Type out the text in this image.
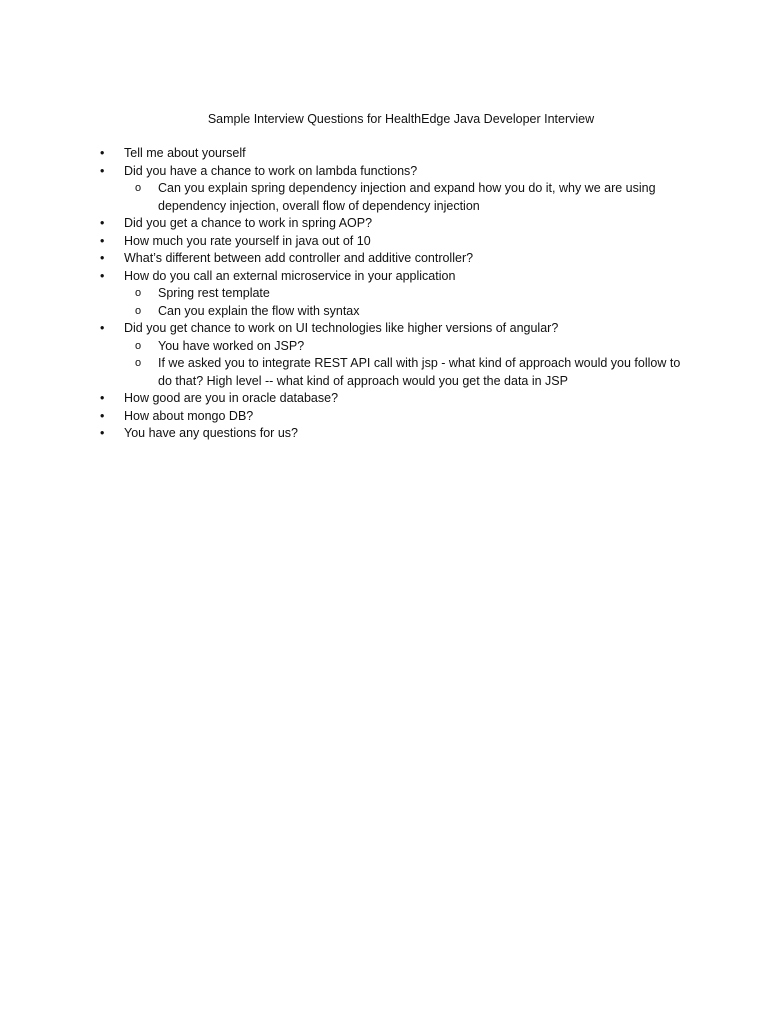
Sample Interview Questions for HealthEdge Java Developer Interview
•	Tell me about yourself
•	Did you have a chance to work on lambda functions?
o	Can you explain spring dependency injection and expand how you do it, why we are using dependency injection, overall flow of dependency injection
•	Did you get a chance to work in spring AOP?
•	How much you rate yourself in java out of 10
•	What’s different between add controller and additive controller?
•	How do you call an external microservice in your application
o	Spring rest template
o	Can you explain the flow with syntax
•	Did you get chance to work on UI technologies like higher versions of angular?
o	You have worked on JSP?
o	If we asked you to integrate REST API call with jsp - what kind of approach would you follow to do that? High level -- what kind of approach would you get the data in JSP
•	How good are you in oracle database?
•	How about mongo DB?
•	You have any questions for us?
